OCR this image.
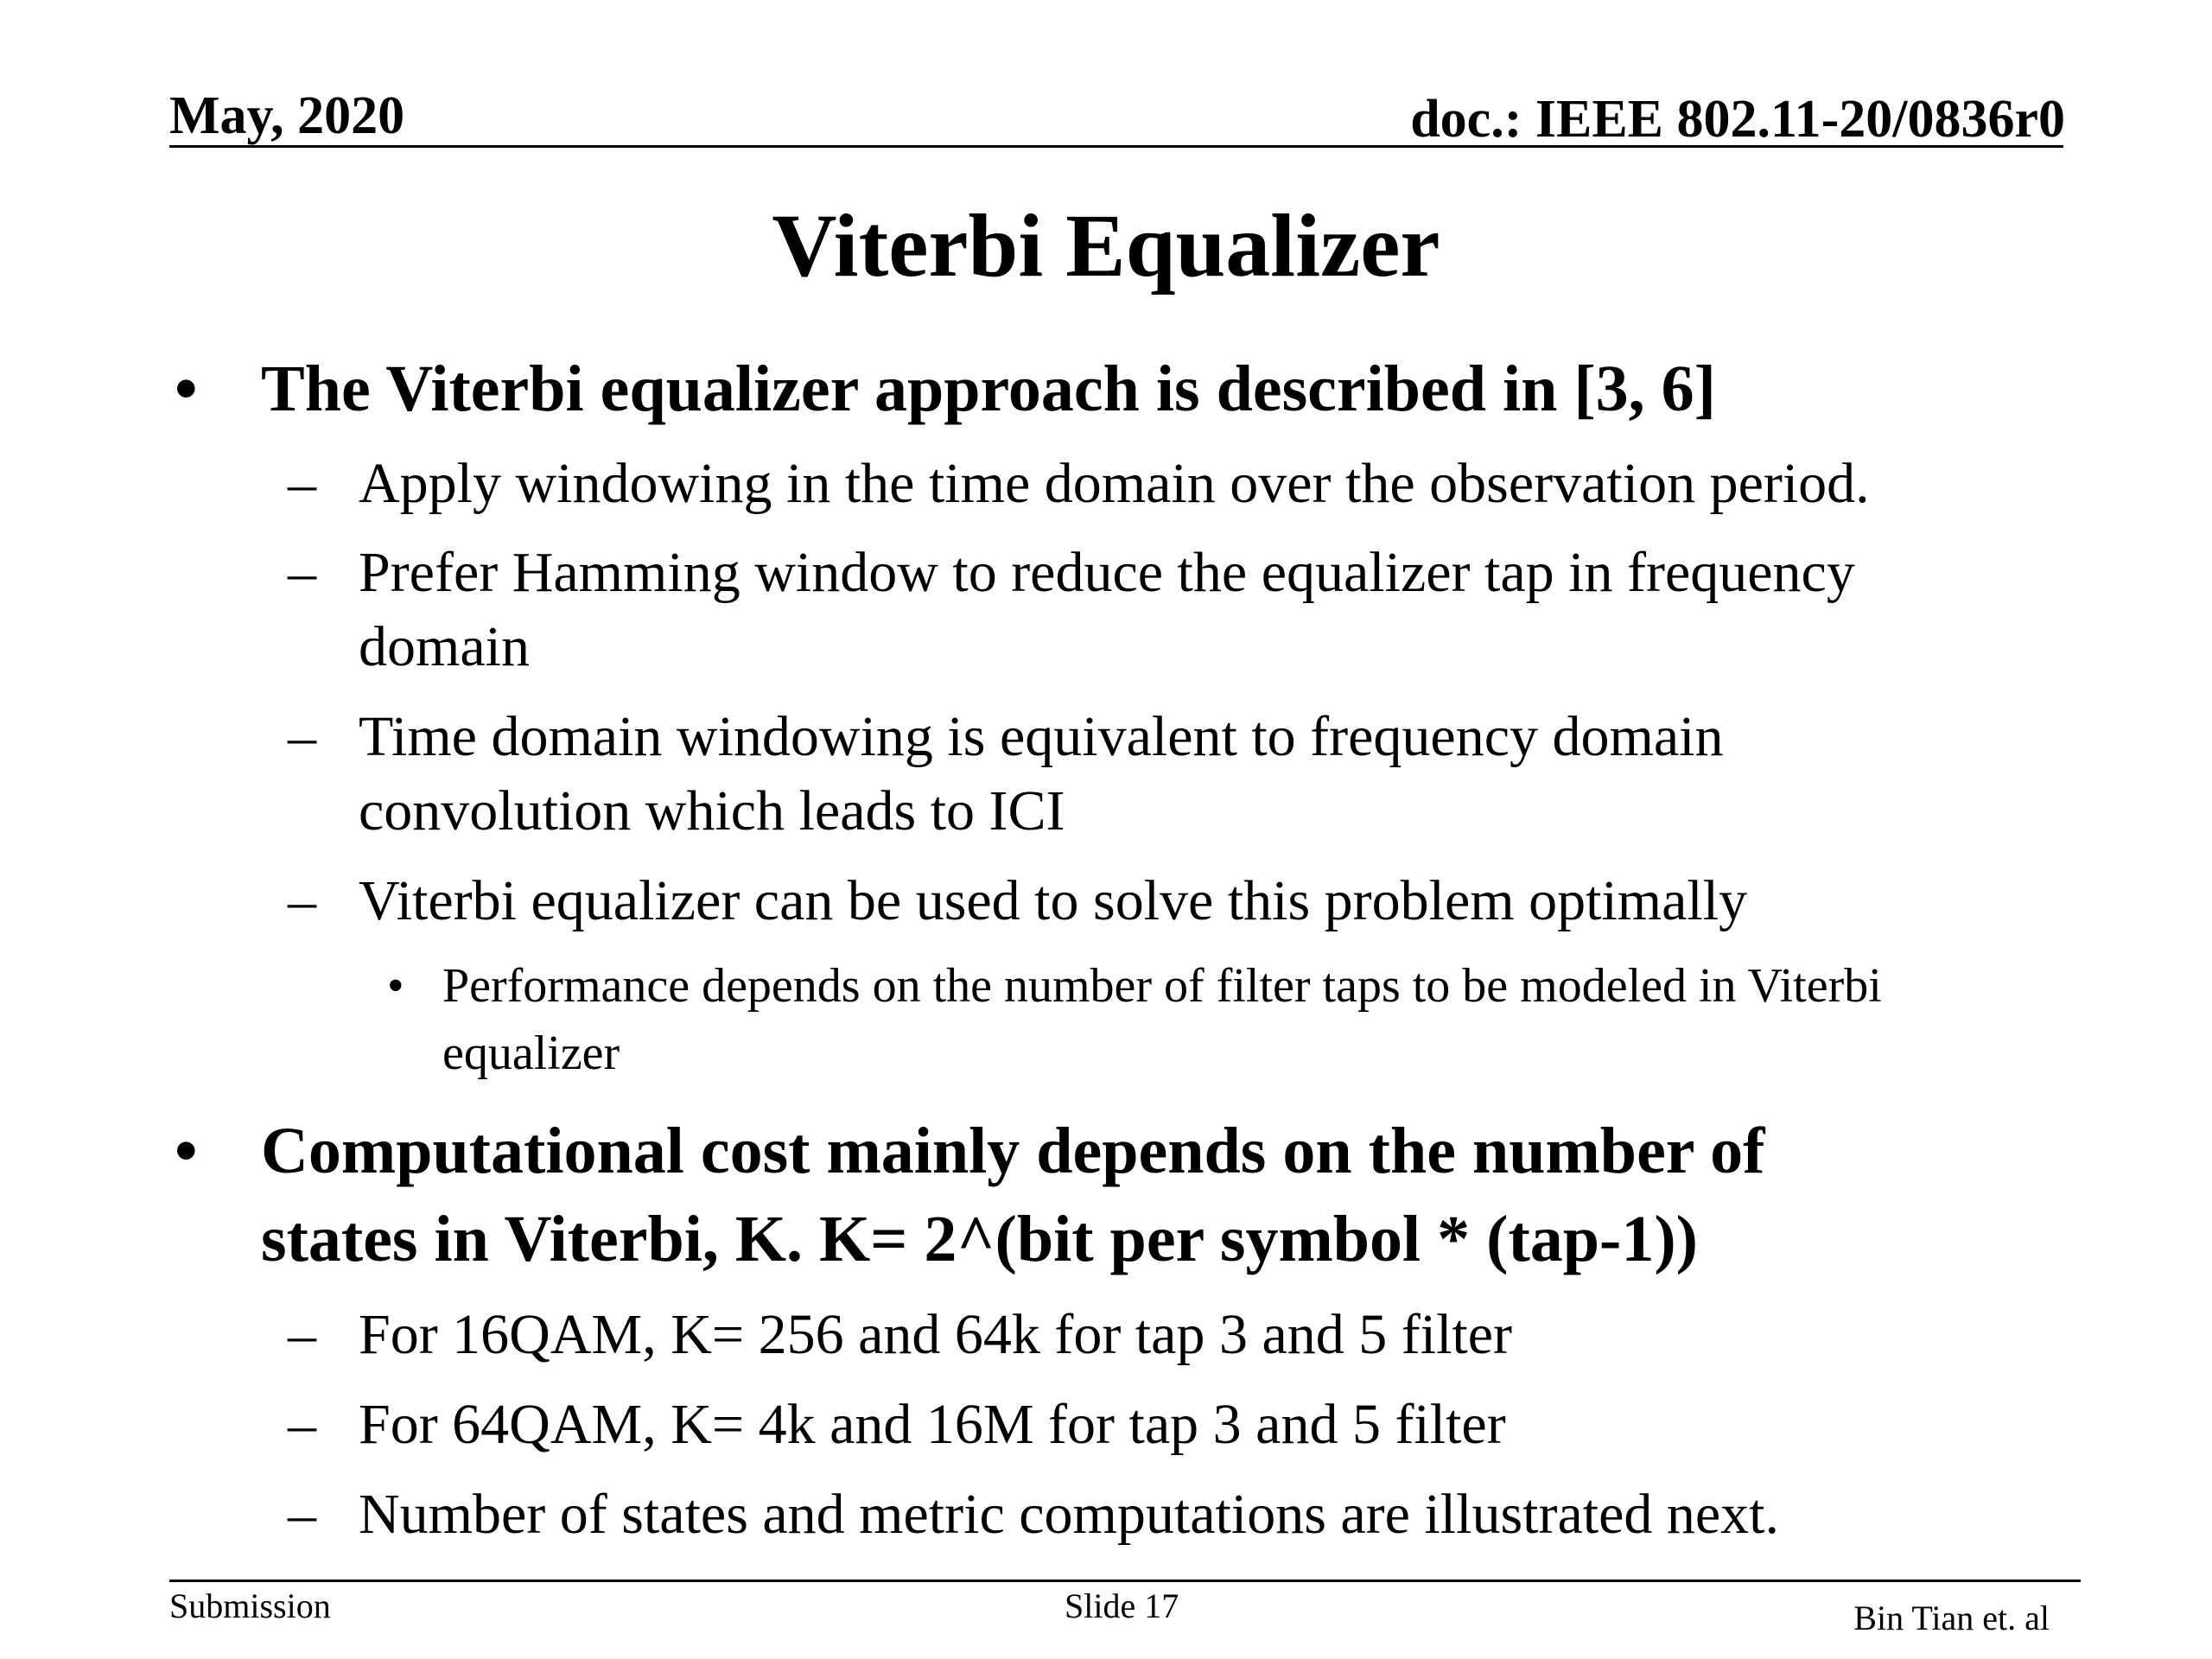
May, 2020	doc.: IEEE 802.11-20/0836r0
Viterbi Equalizer
• The Viterbi equalizer approach is described in [3, 6]
– Apply windowing in the time domain over the observation period.
– Prefer Hamming window to reduce the equalizer tap in frequency
domain
– Time domain windowing is equivalent to frequency domain
convolution which leads to ICI
– Viterbi equalizer can be used to solve this problem optimally
• Performance depends on the number of filter taps to be modeled in Viterbi
equalizer
• Computational cost mainly depends on the number of
states in Viterbi, K. K= 2^(bit per symbol * (tap-1))
– For 16QAM, K= 256 and 64k for tap 3 and 5 filter
– For 64QAM, K= 4k and 16M for tap 3 and 5 filter
– Number of states and metric computations are illustrated next.
Submission	Slide 17	Bin Tian et. al
